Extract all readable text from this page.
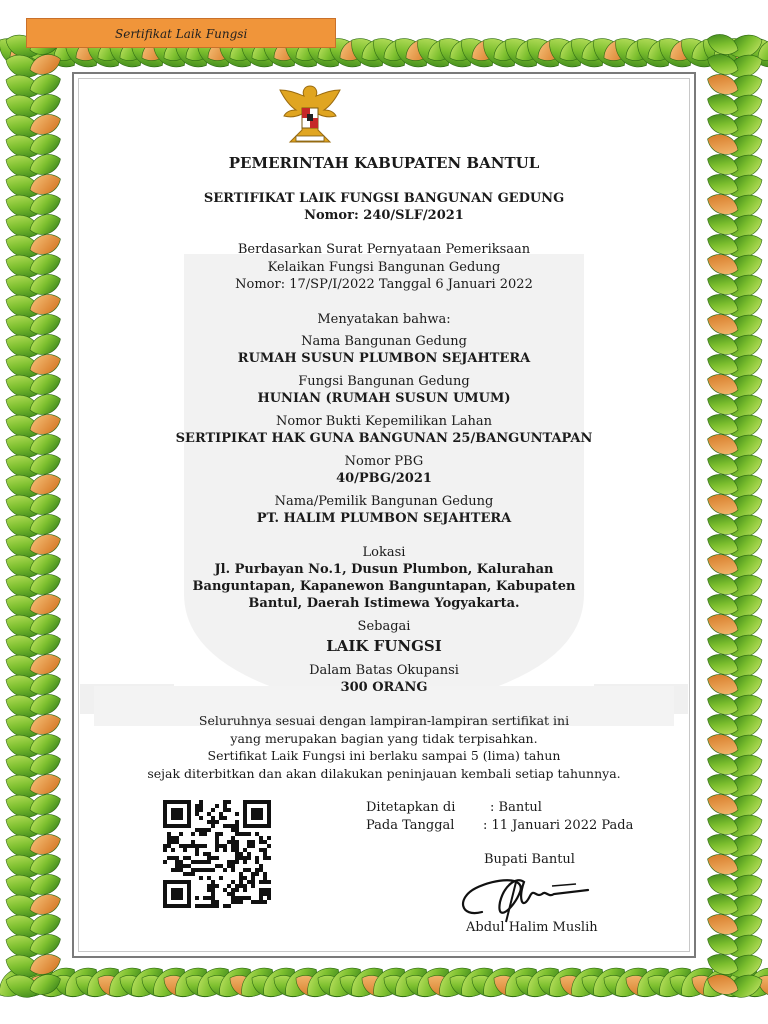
Sertifikat Laik Fungsi
PEMERINTAH KABUPATEN BANTUL
SERTIFIKAT LAIK FUNGSI BANGUNAN GEDUNG
Nomor: 240/SLF/2021
Berdasarkan Surat Pernyataan Pemeriksaan
Kelaikan Fungsi Bangunan Gedung
Nomor: 17/SP/I/2022 Tanggal 6 Januari 2022
Menyatakan bahwa:
Nama Bangunan Gedung
RUMAH SUSUN PLUMBON SEJAHTERA
Fungsi Bangunan Gedung
HUNIAN (RUMAH SUSUN UMUM)
Nomor Bukti Kepemilikan Lahan
SERTIPIKAT HAK GUNA BANGUNAN 25/BANGUNTAPAN
Nomor PBG
40/PBG/2021
Nama/Pemilik Bangunan Gedung
PT. HALIM PLUMBON SEJAHTERA
Lokasi
Jl. Purbayan No.1, Dusun Plumbon, Kalurahan
Banguntapan, Kapanewon Banguntapan, Kabupaten
Bantul, Daerah Istimewa Yogyakarta.
Sebagai
LAIK FUNGSI
Dalam Batas Okupansi
300 ORANG
Seluruhnya sesuai dengan lampiran-lampiran sertifikat ini
yang merupakan bagian yang tidak terpisahkan.
Sertifikat Laik Fungsi ini berlaku sampai 5 (lima) tahun
sejak diterbitkan dan akan dilakukan peninjauan kembali setiap tahunnya.
Ditetapkan di	: Bantul
Pada Tanggal : 11 Januari 2022 Pada
Bupati Bantul
Abdul Halim Muslih
